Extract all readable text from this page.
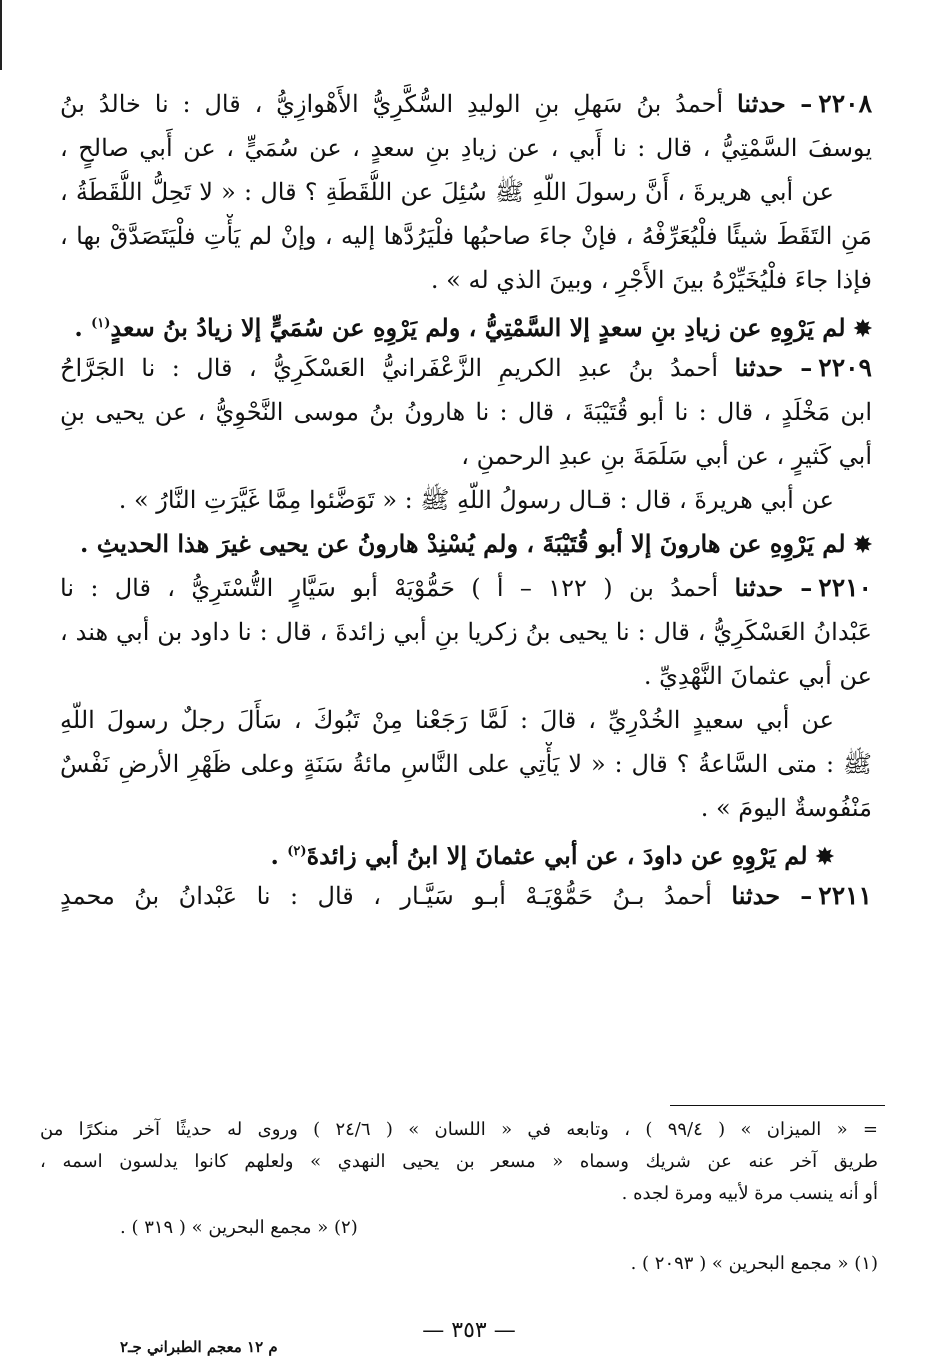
٢٢٠٨– حدثنا أحمدُ بنُ سَهلِ بنِ الوليدِ السُّكَّرِيُّ الأَهْوازِيُّ ، قال : نا خالدُ بنُ
يوسفَ السَّمْتِيُّ ، قال : نا أَبي ، عن زيادِ بنِ سعدٍ ، عن سُمَيٍّ ، عن أَبي صالحٍ ،
عن أبي هريرةَ ، أَنَّ رسولَ اللّهِ ﷺ سُئِلَ عن اللُّقَطَةِ ؟ قال : « لا تَحِلُّ اللُّقَطَةُ ،
مَنِ التَقَطَ شيئًا فلْيُعَرِّفْهُ ، فإنْ جاءَ صاحبُها فلْيَرُدَّها إليه ، وإنْ لم يَأْتِ فلْيَتَصَدَّقْ بها ،
فإذا جاءَ فلْيُخَيِّرْهُ بينَ الأَجْرِ ، وبينَ الذي له » .
✸لم يَرْوِهِ عن زيادِ بنِ سعدٍ إلا السَّمْتِيُّ ، ولم يَرْوِهِ عن سُمَيٍّ إلا زيادُ بنُ سعدٍ$^{(١)}$ .
٢٢٠٩– حدثنا أحمدُ بنُ عبدِ الكريمِ الزَّعْفَرانيُّ العَسْكَرِيُّ ، قال : نا الجَرَّاحُ
ابن مَخْلَدٍ ، قال : نا أبو قُتَيْبَةَ ، قال : نا هارونُ بنُ موسى النَّحْوِيُّ ، عن يحيى بنِ
أبي كَثيرٍ ، عن أبي سَلَمَةَ بنِ عبدِ الرحمنِ ،
عن أبي هريرةَ ، قال : قـال رسولُ اللّهِ ﷺ : « تَوَضَّئوا مِمَّا غَيَّرَتِ النَّارُ » .
✸لم يَرْوِهِ عن هارونَ إلا أبو قُتَيْبَةَ ، ولم يُسْنِدْ هارونُ عن يحيى غيرَ هذا الحديثِ .
٢٢١٠– حدثنا أحمدُ بن ( ١٢٢ – أ ) حَمُّوْيَهْ أبو سَيَّارٍ التُّسْتَرِيُّ ، قال : نا
عَبْدانُ العَسْكَرِيُّ ، قال : نا يحيى بنُ زكريا بنِ أبي زائدةَ ، قال : نا داود بن أبي هند ،
عن أبي عثمانَ النَّهْدِيِّ .
عن أبي سعيدٍ الخُدْرِيِّ ، قالَ : لَمَّا رَجَعْنا مِنْ تَبُوكَ ، سَأَلَ رجلٌ رسولَ اللّهِ
ﷺ : متى السَّاعةُ ؟ قال : « لا يَأْتِي على النَّاسِ مائةُ سَنَةٍ وعلى ظَهْرِ الأرضِ نَفْسٌ
مَنْفُوسةٌ اليومَ » .
✸لم يَرْوِهِ عن داودَ ، عن أبي عثمانَ إلا ابنُ أبي زائدةَ$^{(٢)}$ .
٢٢١١– حدثنا أحمدُ بـنُ حَمُّوْيَـهْ أبـو سَيَّـار ، قال : نا عَبْدانُ بنُ محمدٍ
= « الميزان » ( ٩٩/٤ ) ، وتابعه في « اللسان » ( ٢٤/٦ ) وروى له حديثًا آخر منكرًا من
طريق آخر عنه عن شريك وسماه « مسعر بن يحيى النهدي » ولعلهم كانوا يدلسون اسمه ،
أو أنه ينسب مرة لأبيه ومرة لجده .
(٢) « مجمع البحرين » ( ٣١٩ ) .
(١) « مجمع البحرين » ( ٢٠٩٣ ) .
— ٣٥٣ —
م ١٢ معجم الطبراني جـ٢
